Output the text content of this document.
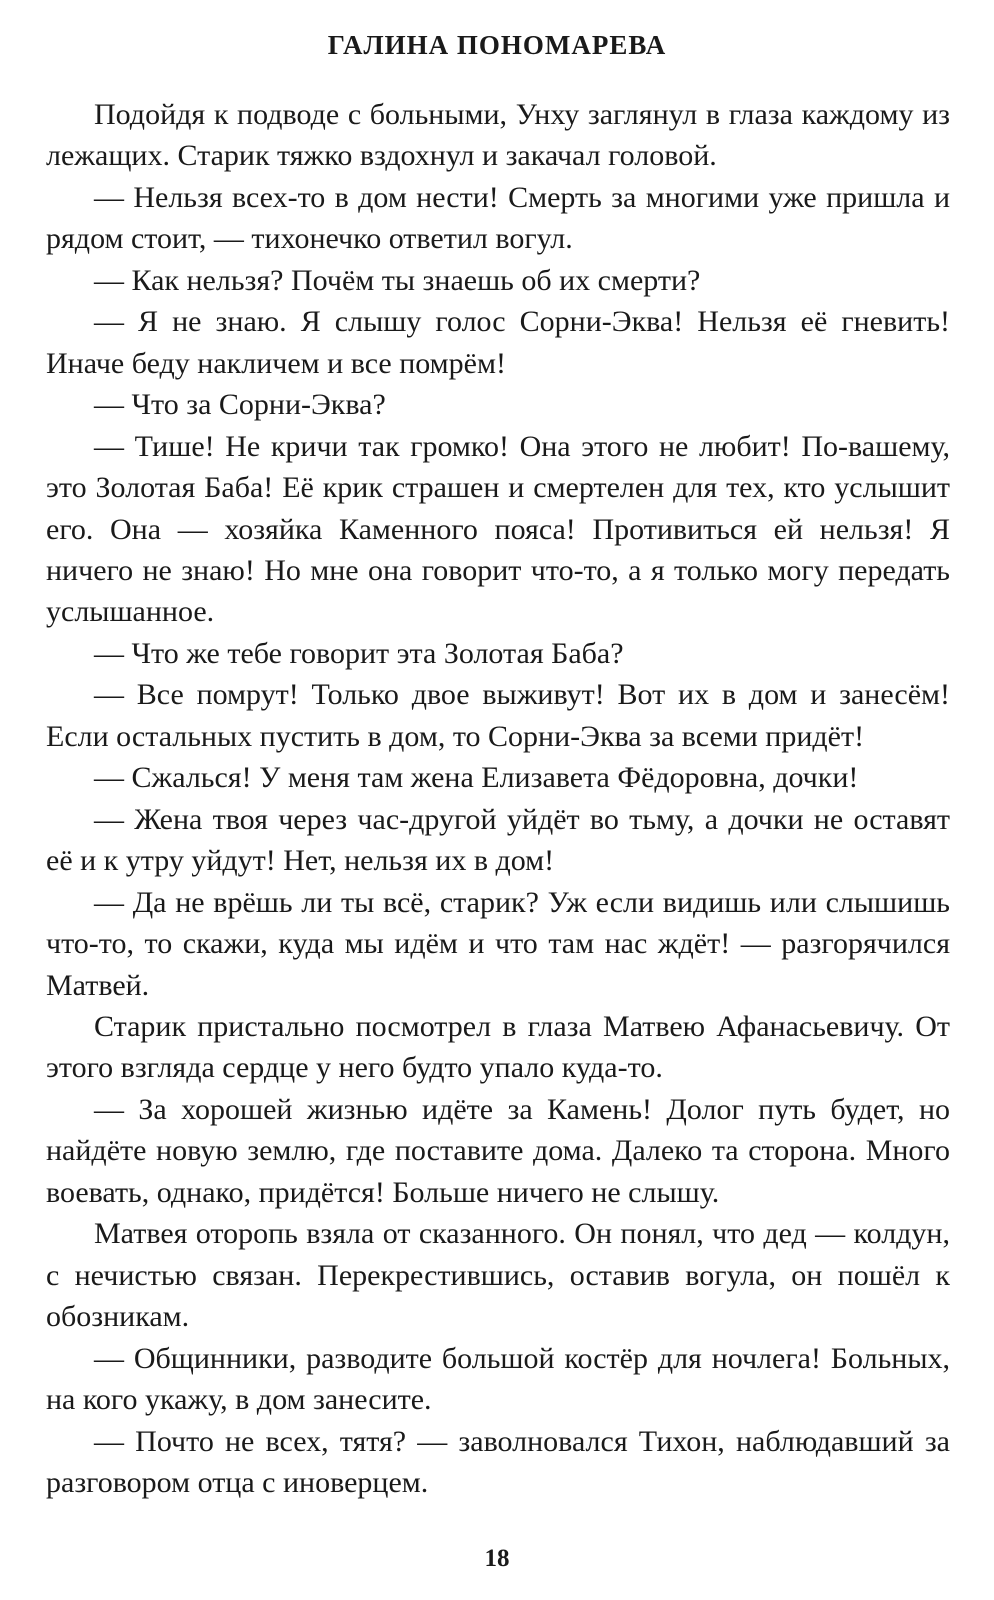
ГАЛИНА ПОНОМАРЕВА

Подойдя к подводе с больными, Унху заглянул в глаза каждому из лежащих. Старик тяжко вздохнул и закачал головой.

— Нельзя всех-то в дом нести! Смерть за многими уже пришла и рядом стоит, — тихонечко ответил вогул.

— Как нельзя? Почём ты знаешь об их смерти?

— Я не знаю. Я слышу голос Сорни-Эква! Нельзя её гневить! Иначе беду накличем и все помрём!

— Что за Сорни-Эква?

— Тише! Не кричи так громко! Она этого не любит! По-вашему, это Золотая Баба! Её крик страшен и смертелен для тех, кто услышит его. Она — хозяйка Каменного пояса! Противиться ей нельзя! Я ничего не знаю! Но мне она говорит что-то, а я только могу передать услышанное.

— Что же тебе говорит эта Золотая Баба?

— Все помрут! Только двое выживут! Вот их в дом и занесём! Если остальных пустить в дом, то Сорни-Эква за всеми придёт!

— Сжалься! У меня там жена Елизавета Фёдоровна, дочки!

— Жена твоя через час-другой уйдёт во тьму, а дочки не оставят её и к утру уйдут! Нет, нельзя их в дом!

— Да не врёшь ли ты всё, старик? Уж если видишь или слышишь что-то, то скажи, куда мы идём и что там нас ждёт! — разгорячился Матвей.

Старик пристально посмотрел в глаза Матвею Афанасьевичу. От этого взгляда сердце у него будто упало куда-то.

— За хорошей жизнью идёте за Камень! Долог путь будет, но найдёте новую землю, где поставите дома. Далеко та сторона. Много воевать, однако, придётся! Больше ничего не слышу.

Матвея оторопь взяла от сказанного. Он понял, что дед — колдун, с нечистью связан. Перекрестившись, оставив вогула, он пошёл к обозникам.

— Общинники, разводите большой костёр для ночлега! Больных, на кого укажу, в дом занесите.

— Почто не всех, тятя? — заволновался Тихон, наблюдавший за разговором отца с иноверцем.

18
